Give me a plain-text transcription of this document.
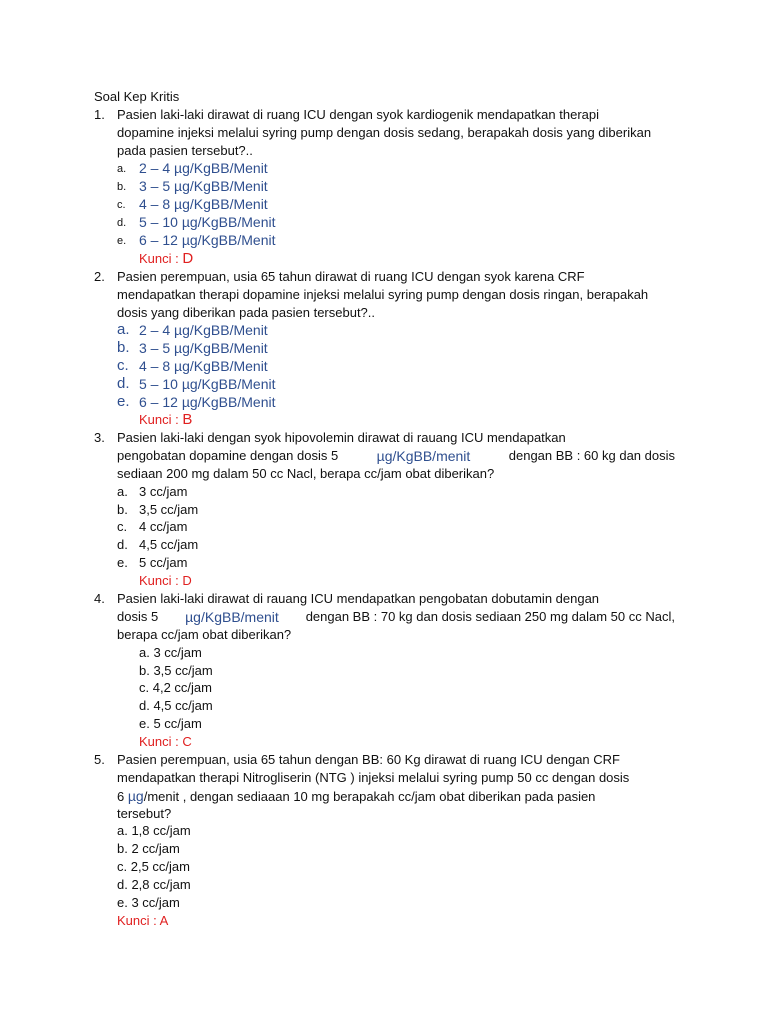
Soal Kep Kritis
1. Pasien laki-laki dirawat di ruang ICU dengan syok kardiogenik mendapatkan therapi dopamine injeksi melalui syring pump dengan dosis sedang, berapakah dosis yang diberikan pada pasien tersebut?..
a. 2 – 4 µg/KgBB/Menit
b. 3 – 5 µg/KgBB/Menit
c. 4 – 8 µg/KgBB/Menit
d. 5 – 10 µg/KgBB/Menit
e. 6 – 12 µg/KgBB/Menit
Kunci : D
2. Pasien perempuan, usia 65 tahun dirawat di ruang ICU dengan syok karena CRF mendapatkan therapi dopamine injeksi melalui syring pump dengan dosis ringan, berapakah dosis yang diberikan pada pasien tersebut?..
a. 2 – 4 µg/KgBB/Menit
b. 3 – 5 µg/KgBB/Menit
c. 4 – 8 µg/KgBB/Menit
d. 5 – 10 µg/KgBB/Menit
e. 6 – 12 µg/KgBB/Menit
Kunci : B
3. Pasien laki-laki dengan syok hipovolemin dirawat di rauang ICU mendapatkan
pengobatan dopamine dengan dosis 5	µg/KgBB/menit	dengan BB : 60 kg dan dosis
sediaan 200 mg dalam 50 cc Nacl, berapa cc/jam obat diberikan?
a. 3 cc/jam
b. 3,5 cc/jam
c. 4 cc/jam
d. 4,5 cc/jam
e. 5 cc/jam
Kunci : D
4. Pasien laki-laki dirawat di rauang ICU mendapatkan pengobatan dobutamin dengan
dosis 5 µg/KgBB/menit dengan BB : 70 kg dan dosis sediaan 250 mg dalam 50 cc Nacl,
berapa cc/jam obat diberikan?
a. 3 cc/jam
b. 3,5 cc/jam
c. 4,2 cc/jam
d. 4,5 cc/jam
e. 5 cc/jam
Kunci : C
5. Pasien perempuan, usia 65 tahun dengan BB: 60 Kg dirawat di ruang ICU dengan CRF
mendapatkan therapi Nitrogliserin (NTG ) injeksi melalui syring pump 50 cc dengan dosis
6 µg/menit , dengan sediaaan 10 mg berapakah cc/jam obat diberikan pada pasien
tersebut?
a. 1,8 cc/jam
b. 2 cc/jam
c. 2,5 cc/jam
d. 2,8 cc/jam
e. 3 cc/jam
Kunci : A
